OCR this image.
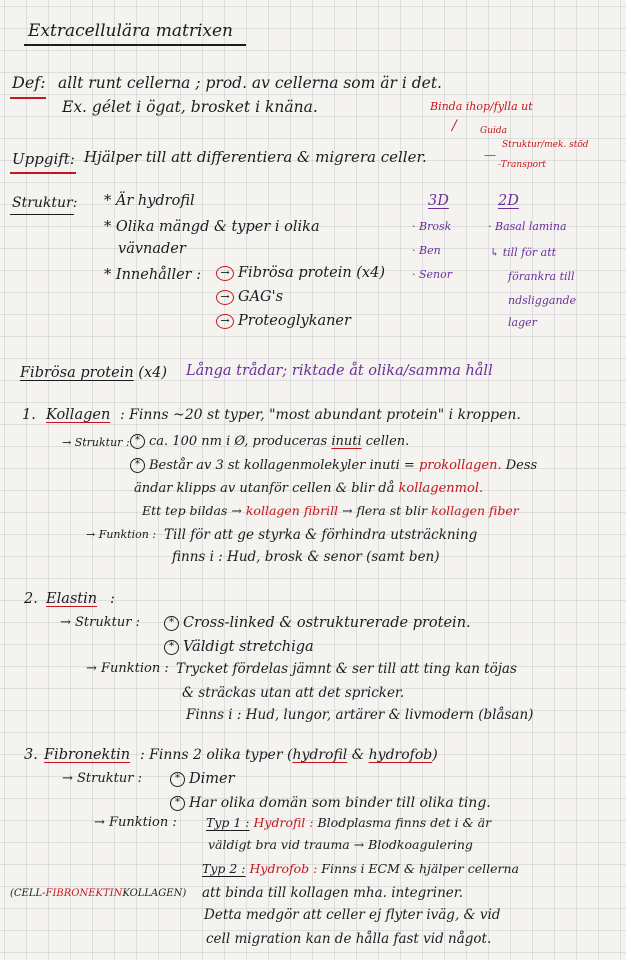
Extracellulära matrixen
Def: allt runt cellerna ; prod. av cellerna som är i det.
Ex. gélet i ögat, brosket i knäna.
Uppgift: Hjälper till att differentiera & migrera celler.
Binda ihop/fylla ut
/	Guida
Struktur/mek. stöd
-Transport
—
Struktur: * Är hydrofil
* Olika mängd & typer i olika
vävnader
* Innehåller :	→ Fibrösa protein (x4)
→ GAG's
→ Proteoglykaner
3D
· Brosk
· Ben
· Senor
2D
· Basal lamina
↳ till för att
förankra till
ndsliggande
lager
Fibrösa protein (x4) Långa trådar; riktade åt olika/samma håll
1. Kollagen : Finns ~20 st typer, "most abundant protein" i kroppen.
→ Struktur : * ca. 100 nm i Ø, produceras inuti cellen.
* Består av 3 st kollagenmolekyler inuti = prokollagen. Dess
ändar klipps av utanför cellen & blir då kollagenmol.
Ett tep bildas → kollagen fibrill → flera st blir kollagen fiber
→ Funktion : Till för att ge styrka & förhindra utsträckning
finns i : Hud, brosk & senor (samt ben)
2. Elastin :
→ Struktur :	* Cross-linked & ostrukturerade protein.
* Väldigt stretchiga
→ Funktion : Trycket fördelas jämnt & ser till att ting kan töjas
& sträckas utan att det spricker.
Finns i : Hud, lungor, artärer & livmodern (blåsan)
3. Fibronektin : Finns 2 olika typer (hydrofil & hydrofob)
→ Struktur :	* Dimer
* Har olika domän som binder till olika ting.
→ Funktion : Typ 1 : Hydrofil : Blodplasma finns det i & är
väldigt bra vid trauma → Blodkoagulering
Typ 2 : Hydrofob : Finns i ECM & hjälper cellerna
att binda till kollagen mha. integriner.
Detta medgör att celler ej flyter iväg, & vid
cell migration kan de hålla fast vid något.
(CELL-FIBRONEKTINKOLLAGEN)
